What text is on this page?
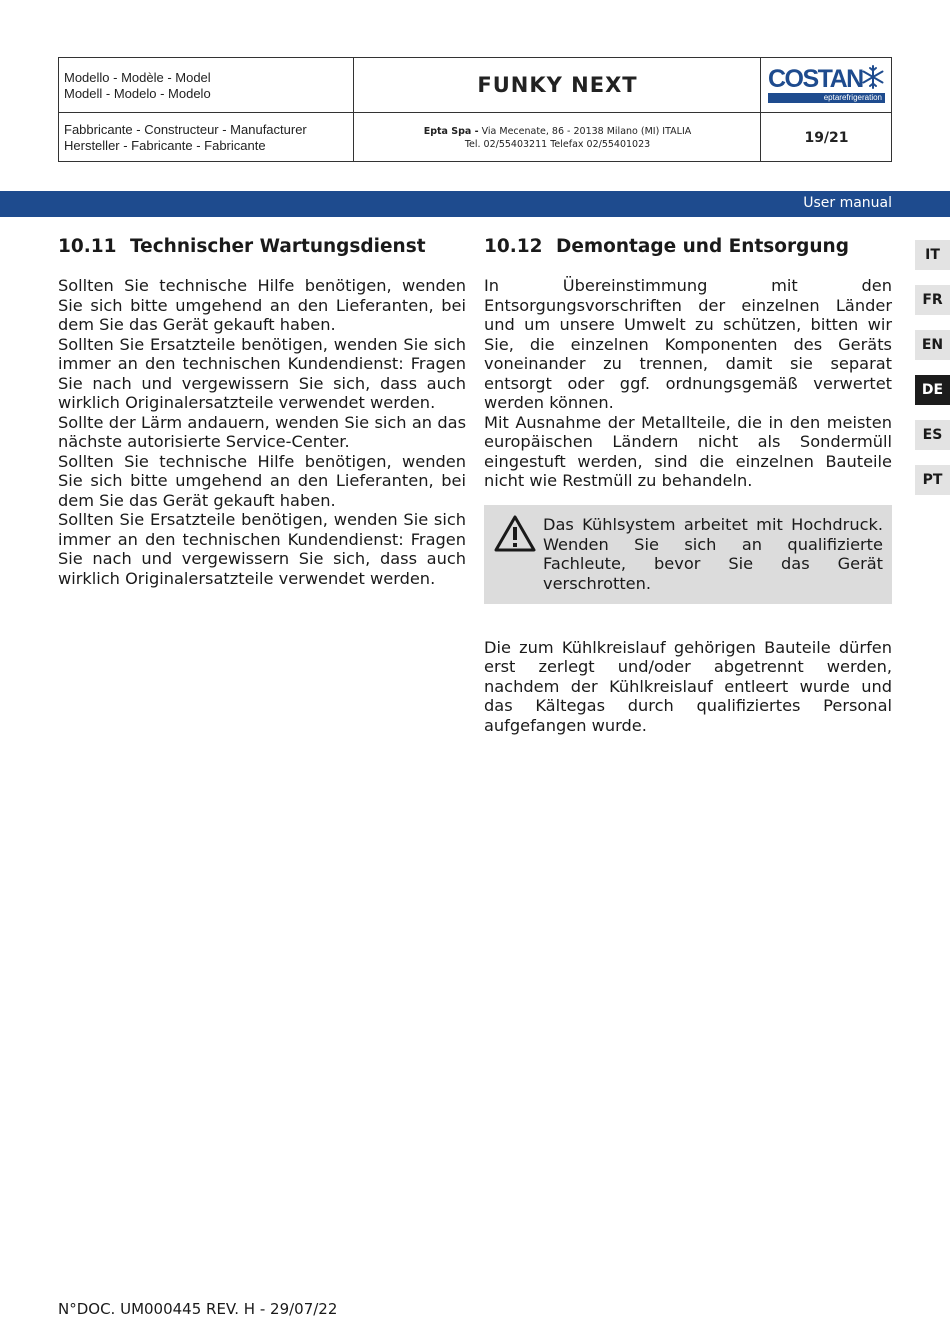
Modello - Modèle - Model
Modell - Modelo - Modelo
Fabbricante - Constructeur - Manufacturer
Hersteller - Fabricante - Fabricante
FUNKY NEXT
Epta Spa - Via Mecenate, 86 - 20138 Milano (MI) ITALIA
Tel. 02/55403211 Telefax 02/55401023
COSTAN
eptarefrigeration
19/21
User manual
10.11 Technischer Wartungsdienst

Sollten Sie technische Hilfe benötigen, wenden Sie sich bitte umgehend an den Lieferanten, bei dem Sie das Gerät gekauft haben.

Sollten Sie Ersatzteile benötigen, wenden Sie sich immer an den technischen Kundendienst: Fragen Sie nach und vergewissern Sie sich, dass auch wirklich Originalersatzteile verwendet werden.

Sollte der Lärm andauern, wenden Sie sich an das nächste autorisierte Service-Center.

Sollten Sie technische Hilfe benötigen, wenden Sie sich bitte umgehend an den Lieferanten, bei dem Sie das Gerät gekauft haben.

Sollten Sie Ersatzteile benötigen, wenden Sie sich immer an den technischen Kundendienst: Fragen Sie nach und vergewissern Sie sich, dass auch wirklich Originalersatzteile verwendet werden.

10.12 Demontage und Entsorgung

In Übereinstimmung mit den Entsorgungsvorschriften der einzelnen Länder und um unsere Umwelt zu schützen, bitten wir Sie, die einzelnen Komponenten des Geräts voneinander zu trennen, damit sie separat entsorgt oder ggf. ordnungsgemäß verwertet werden können.

Mit Ausnahme der Metallteile, die in den meisten europäischen Ländern nicht als Sondermüll eingestuft werden, sind die einzelnen Bauteile nicht wie Restmüll zu behandeln.

Die zum Kühlkreislauf gehörigen Bauteile dürfen erst zerlegt und/oder abgetrennt werden, nachdem der Kühlkreislauf entleert wurde und das Kältegas durch qualifiziertes Personal aufgefangen wurde.

Das Kühlsystem arbeitet mit Hochdruck. Wenden Sie sich an qualifizierte Fachleute, bevor Sie das Gerät verschrotten.
IT
FR
EN
DE
ES
PT
N°DOC. UM000445 REV. H - 29/07/22
